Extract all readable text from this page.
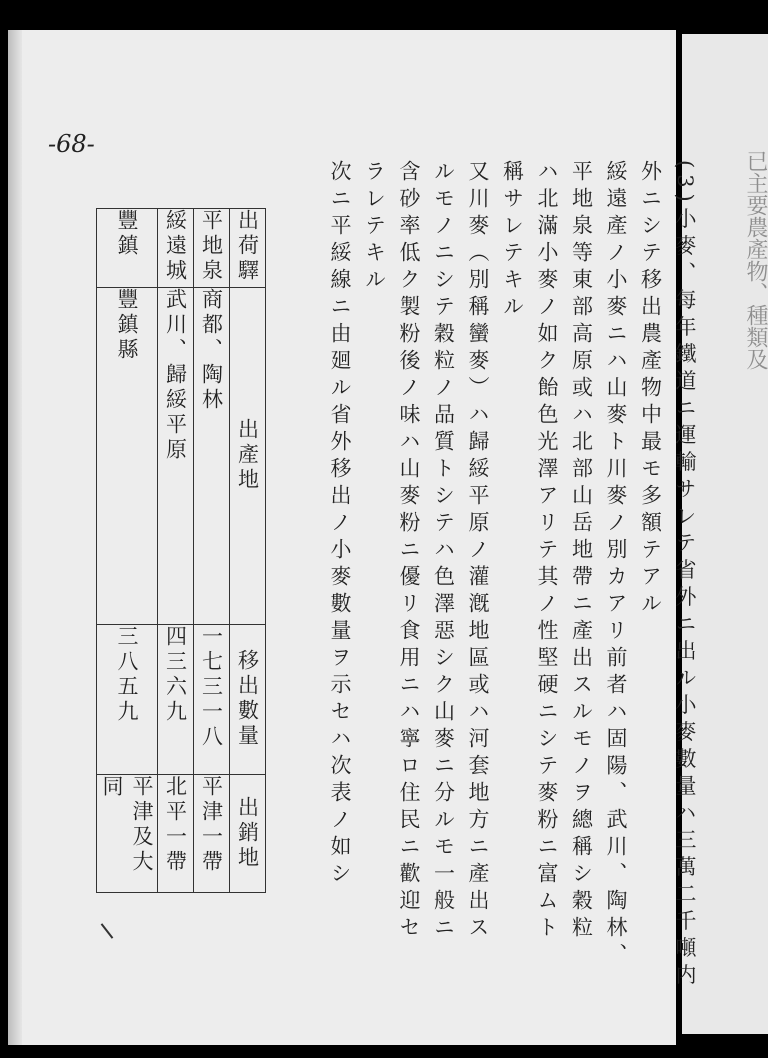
已主要農產物、種類及
-68-

(3)小麥、每年鐵道ニ運輸サレテ省外ニ出ル小麥數量ハ三萬二千噸内

外ニシテ移出農產物中最モ多額テアル

綏遠產ノ小麥ニハ山麥ト川麥ノ別カアリ前者ハ固陽、武川、陶林、

平地泉等東部高原或ハ北部山岳地帶ニ產出スルモノヲ總稱シ穀粒

ハ北滿小麥ノ如ク飴色光澤アリテ其ノ性堅硬ニシテ麥粉ニ富ムト

稱サレテキル

又川麥（別稱蠻麥）ハ歸綏平原ノ灌漑地區或ハ河套地方ニ產出ス

ルモノニシテ穀粒ノ品質トシテハ色澤惡シク山麥ニ分ルモ一般ニ

含砂率低ク製粉後ノ味ハ山麥粉ニ優リ食用ニハ寧ロ住民ニ歡迎セ

ラレテキル

次ニ平綏線ニ由廻ル省外移出ノ小麥數量ヲ示セハ次表ノ如シ

出荷驛	出產地	移出數量	出銷地
平地泉	商都、陶林	一七三一八	平津一帶
綏遠城	武川、歸綏平原	四三六九	北平一帶
豐鎮	豐鎮縣	三八五九	平津及大同
